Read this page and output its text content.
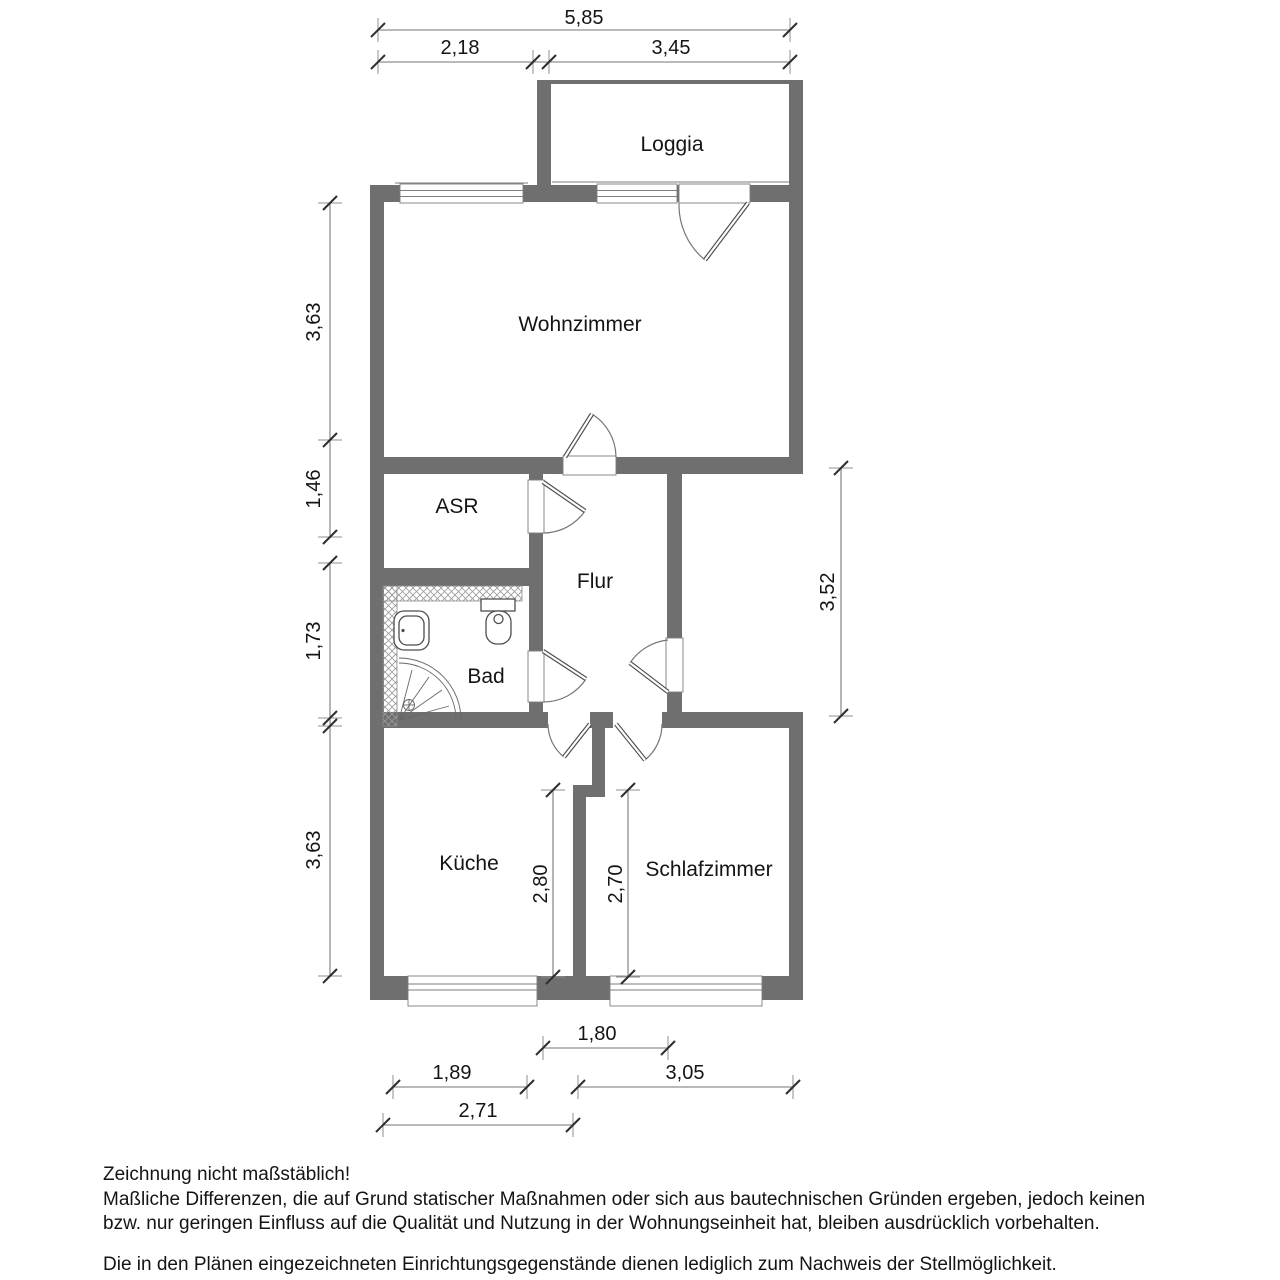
Loggia
Wohnzimmer
ASR
Flur
Bad
Küche	Schlafzimmer
5,85
2,18	3,45
3,63
1,46
1,73
3,63
3,52
2,80	2,70
1,80
1,89	3,05
2,71
Zeichnung nicht maßstäblich!
Maßliche Differenzen, die auf Grund statischer Maßnahmen oder sich aus bautechnischen Gründen ergeben, jedoch keinen
bzw. nur geringen Einfluss auf die Qualität und Nutzung in der Wohnungseinheit hat, bleiben ausdrücklich vorbehalten.
Die in den Plänen eingezeichneten Einrichtungsgegenstände dienen lediglich zum Nachweis der Stellmöglichkeit.
